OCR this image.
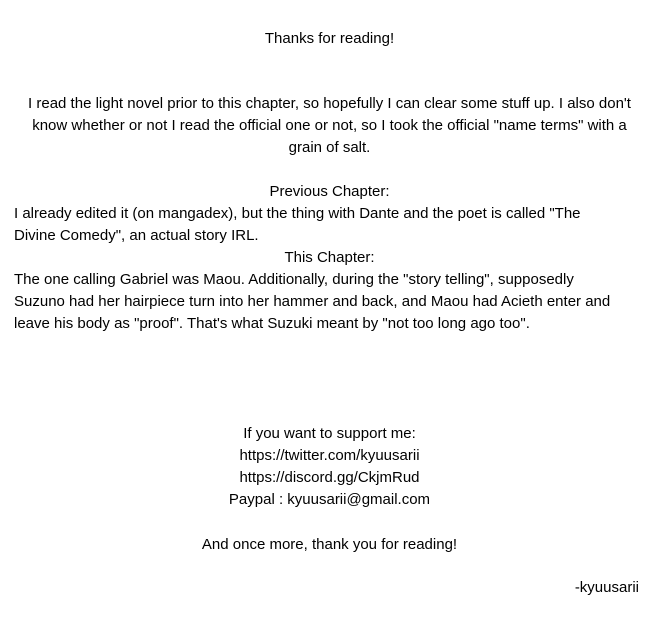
Thanks for reading!

I read the light novel prior to this chapter, so hopefully I can clear some stuff up. I also don't
know whether or not I read the official one or not, so I took the official "name terms" with a
grain of salt.

Previous Chapter:

I already edited it (on mangadex), but the thing with Dante and the poet is called "The
Divine Comedy", an actual story IRL.

This Chapter:

The one calling Gabriel was Maou. Additionally, during the "story telling", supposedly
Suzuno had her hairpiece turn into her hammer and back, and Maou had Acieth enter and
leave his body as "proof". That's what Suzuki meant by "not too long ago too".
If you want to support me:
https://twitter.com/kyuusarii
https://discord.gg/CkjmRud
Paypal : kyuusarii@gmail.com

And once more, thank you for reading!

-kyuusarii
